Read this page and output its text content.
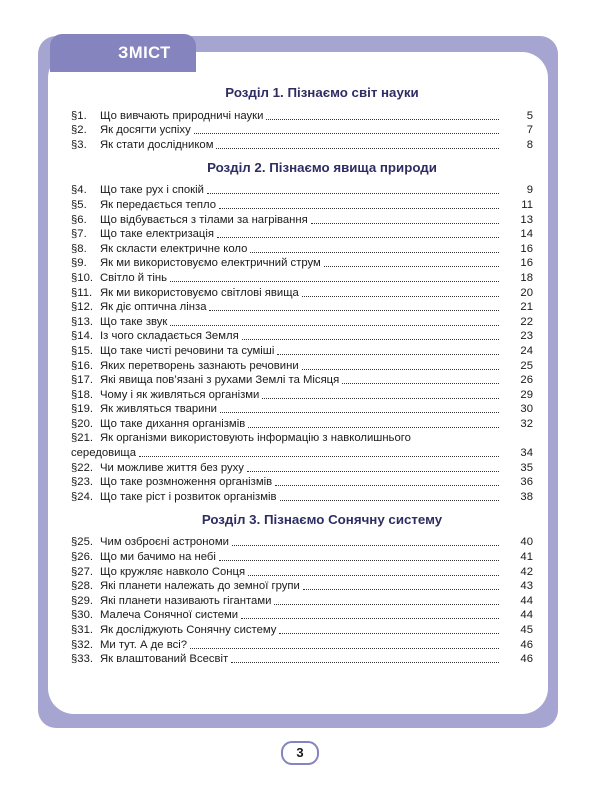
ЗМІСТ
Розділ 1. Пізнаємо світ науки
§1.	Що вивчають природничі науки	5
§2.	Як досягти успіху	7
§3.	Як стати дослідником	8
Розділ 2. Пізнаємо явища природи
§4.	Що таке рух і спокій	9
§5.	Як передається тепло	11
§6.	Що відбувається з тілами за нагрівання	13
§7.	Що таке електризація	14
§8.	Як скласти електричне коло	16
§9.	Як ми використовуємо електричний струм	16
§10. Світло й тінь	18
§11. Як ми використовуємо світлові явища	20
§12. Як діє оптична лінза	21
§13. Що таке звук	22
§14. Із чого складається Земля	23
§15. Що таке чисті речовини та суміші	24
§16. Яких перетворень зазнають речовини	25
§17. Які явища пов’язані з рухами Землі та Місяця	26
§18. Чому і як живляться організми	29
§19. Як живляться тварини	30
§20. Що таке дихання організмів	32
§21. Як організми використовують інформацію з навколишнього
середовища	34
§22. Чи можливе життя без руху	35
§23. Що таке розмноження організмів	36
§24. Що таке ріст і розвиток організмів	38
Розділ 3. Пізнаємо Сонячну систему
§25. Чим озброєні астрономи	40
§26. Що ми бачимо на небі	41
§27. Що кружляє навколо Сонця	42
§28. Які планети належать до земної групи	43
§29. Які планети називають гігантами	44
§30. Малеча Сонячної системи	44
§31. Як досліджують Сонячну систему	45
§32. Ми тут. А де всі?	46
§33. Як влаштований Всесвіт	46
3
